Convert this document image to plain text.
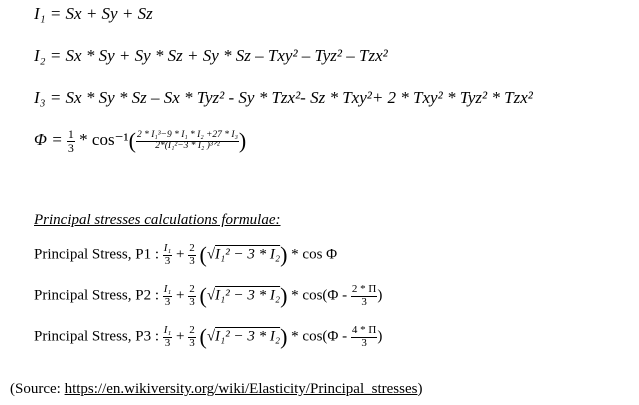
I₁ = Sx + Sy + Sz
I₂ = Sx * Sy + Sy * Sz + Sy * Sz – Txy² – Tyz² – Tzx²
I₃ = Sx * Sy * Sz – Sx * Tyz² - Sy * Tzx²- Sz * Txy²+ 2 * Txy² * Tyz² * Tzx²
$\Phi = \frac{1}{3} * \cos^{-1}( \frac{\text{2 * I₁³−9 * I₁ * I₂ +27 * I₃}}{\text{2*(I₁²−3 * I₂ )³ᐟ²}}$ )
Principal stresses calculations formulae:
Principal Stress, P1 : $\frac{\text{I₁}}{3} + \frac{2}{3} (√I_1^2 - 3 * I_2) * \cos \Phi$
Principal Stress, P2 : $\frac{\text{I₁}}{3} + \frac{2}{3} (√I_1^2 - 3 * I_2) * \cos(\Phi - \frac{2 * \Pi}{3}$ )
Principal Stress, P3 : $\frac{\text{I₁}}{3} + \frac{2}{3} (√I_1^2 - 3 * I_2) * \cos(\Phi - \frac{4 * \Pi}{3}$ )
(Source: https://en.wikiversity.org/wiki/Elasticity/Principal_stresses)
